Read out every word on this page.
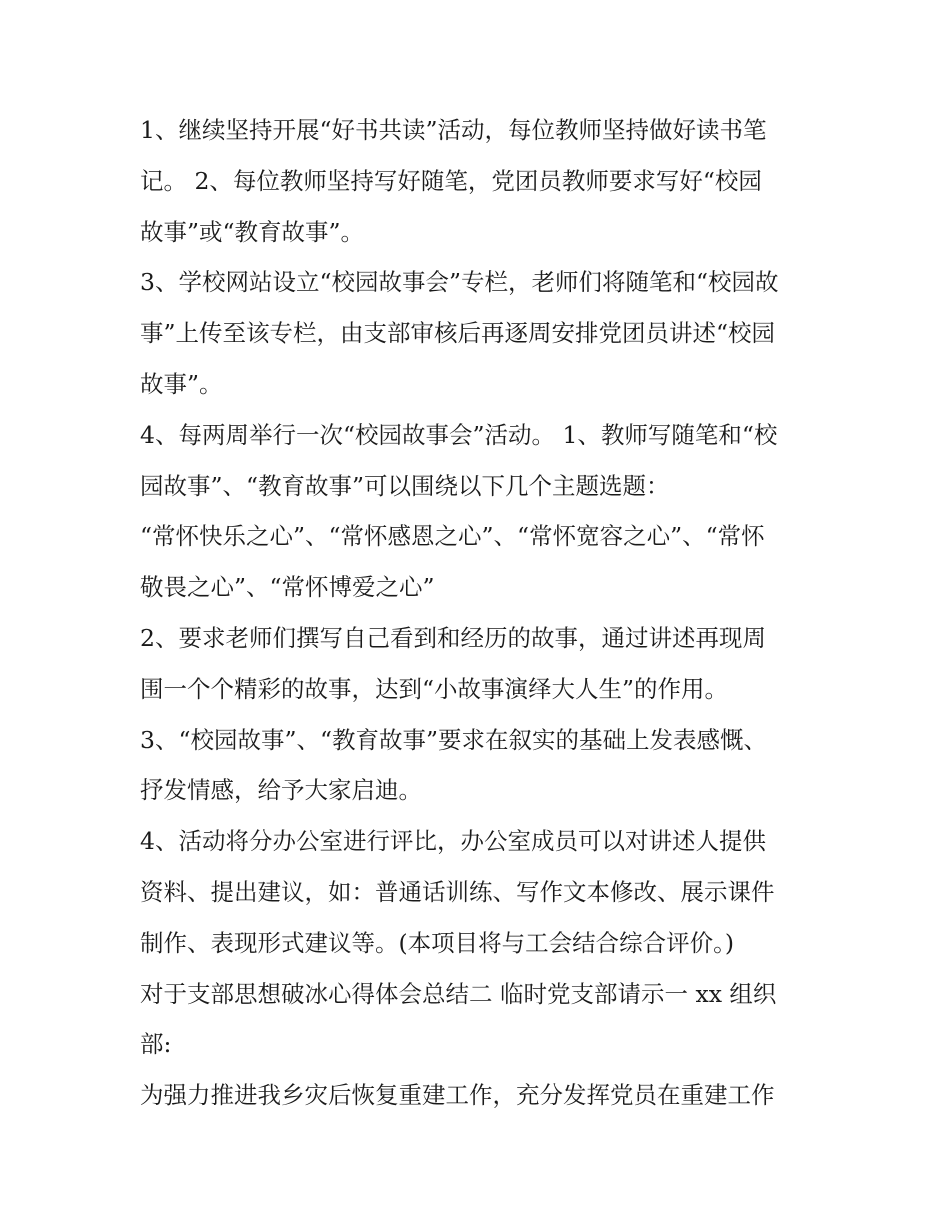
1、继续坚持开展“好书共读”活动，每位教师坚持做好读书笔
记。 2、每位教师坚持写好随笔，党团员教师要求写好“校园
故事”或“教育故事”。
3、学校网站设立“校园故事会”专栏，老师们将随笔和“校园故
事”上传至该专栏，由支部审核后再逐周安排党团员讲述“校园
故事”。
4、每两周举行一次“校园故事会”活动。 1、教师写随笔和“校
园故事”、“教育故事”可以围绕以下几个主题选题：
“常怀快乐之心”、“常怀感恩之心”、“常怀宽容之心”、“常怀
敬畏之心”、“常怀博爱之心”
2、要求老师们撰写自己看到和经历的故事，通过讲述再现周
围一个个精彩的故事，达到“小故事演绎大人生”的作用。
3、“校园故事”、“教育故事”要求在叙实的基础上发表感慨、
抒发情感，给予大家启迪。
4、活动将分办公室进行评比，办公室成员可以对讲述人提供
资料、提出建议，如：普通话训练、写作文本修改、展示课件
制作、表现形式建议等。(本项目将与工会结合综合评价。)
对于支部思想破冰心得体会总结二 临时党支部请示一 xx 组织
部:
为强力推进我乡灾后恢复重建工作，充分发挥党员在重建工作
